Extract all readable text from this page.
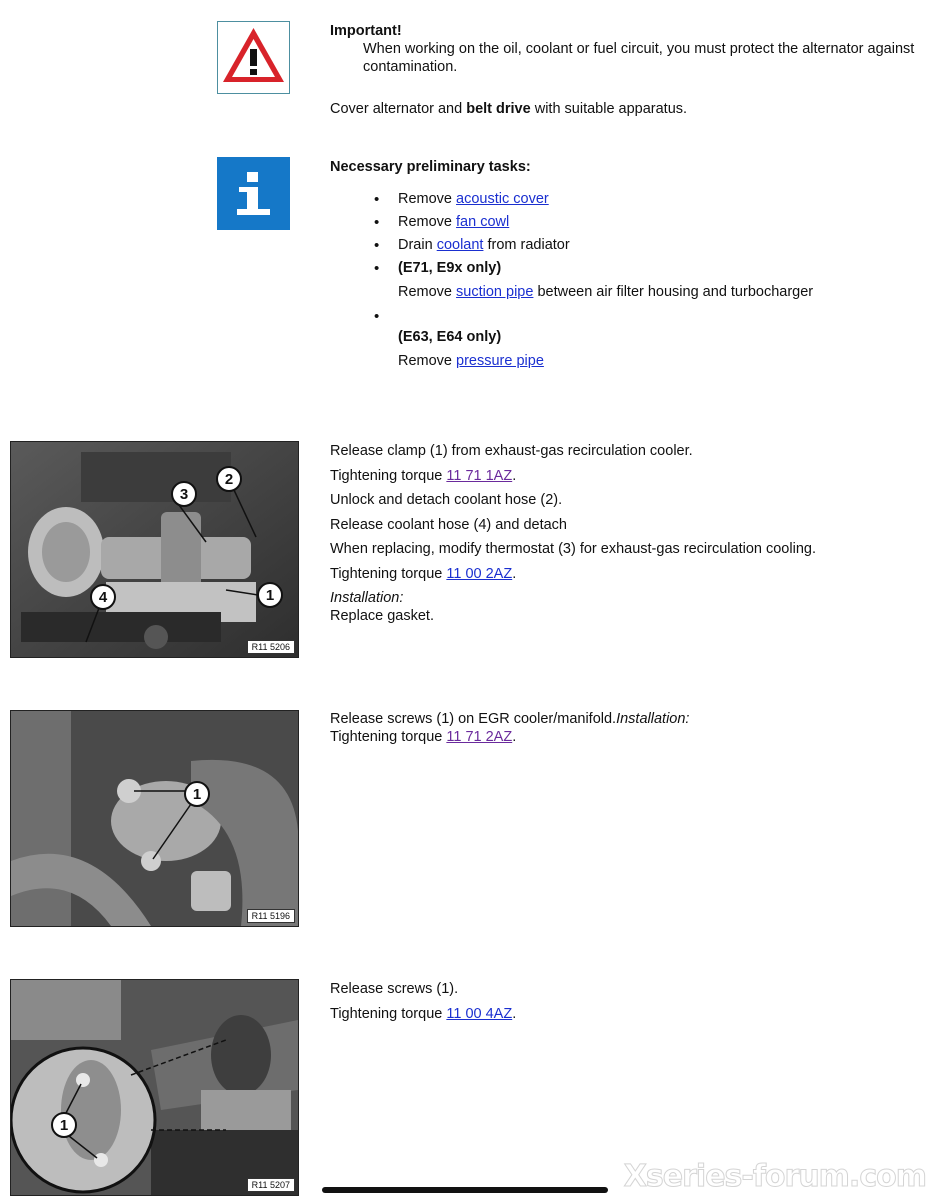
Important!
When working on the oil, coolant or fuel circuit, you must protect the alternator against contamination.
Cover alternator and belt drive with suitable apparatus.
Necessary preliminary tasks:
• Remove acoustic cover
• Remove fan cowl
• Drain coolant from radiator
• (E71, E9x only)
Remove suction pipe between air filter housing and turbocharger
• (E63, E64 only)
Remove pressure pipe
1
2
3
4
R11 5206

Release clamp (1) from exhaust-gas recirculation cooler.

Tightening torque 11 71 1AZ.

Unlock and detach coolant hose (2).

Release coolant hose (4) and detach

When replacing, modify thermostat (3) for exhaust-gas recirculation cooling.

Tightening torque 11 00 2AZ.

Installation:

Replace gasket.

1
R11 5196
Release screws (1) on EGR cooler/manifold.Installation:
Tightening torque 11 71 2AZ.
1
R11 5207

Release screws (1).

Tightening torque 11 00 4AZ.

Xseries-forum.com
